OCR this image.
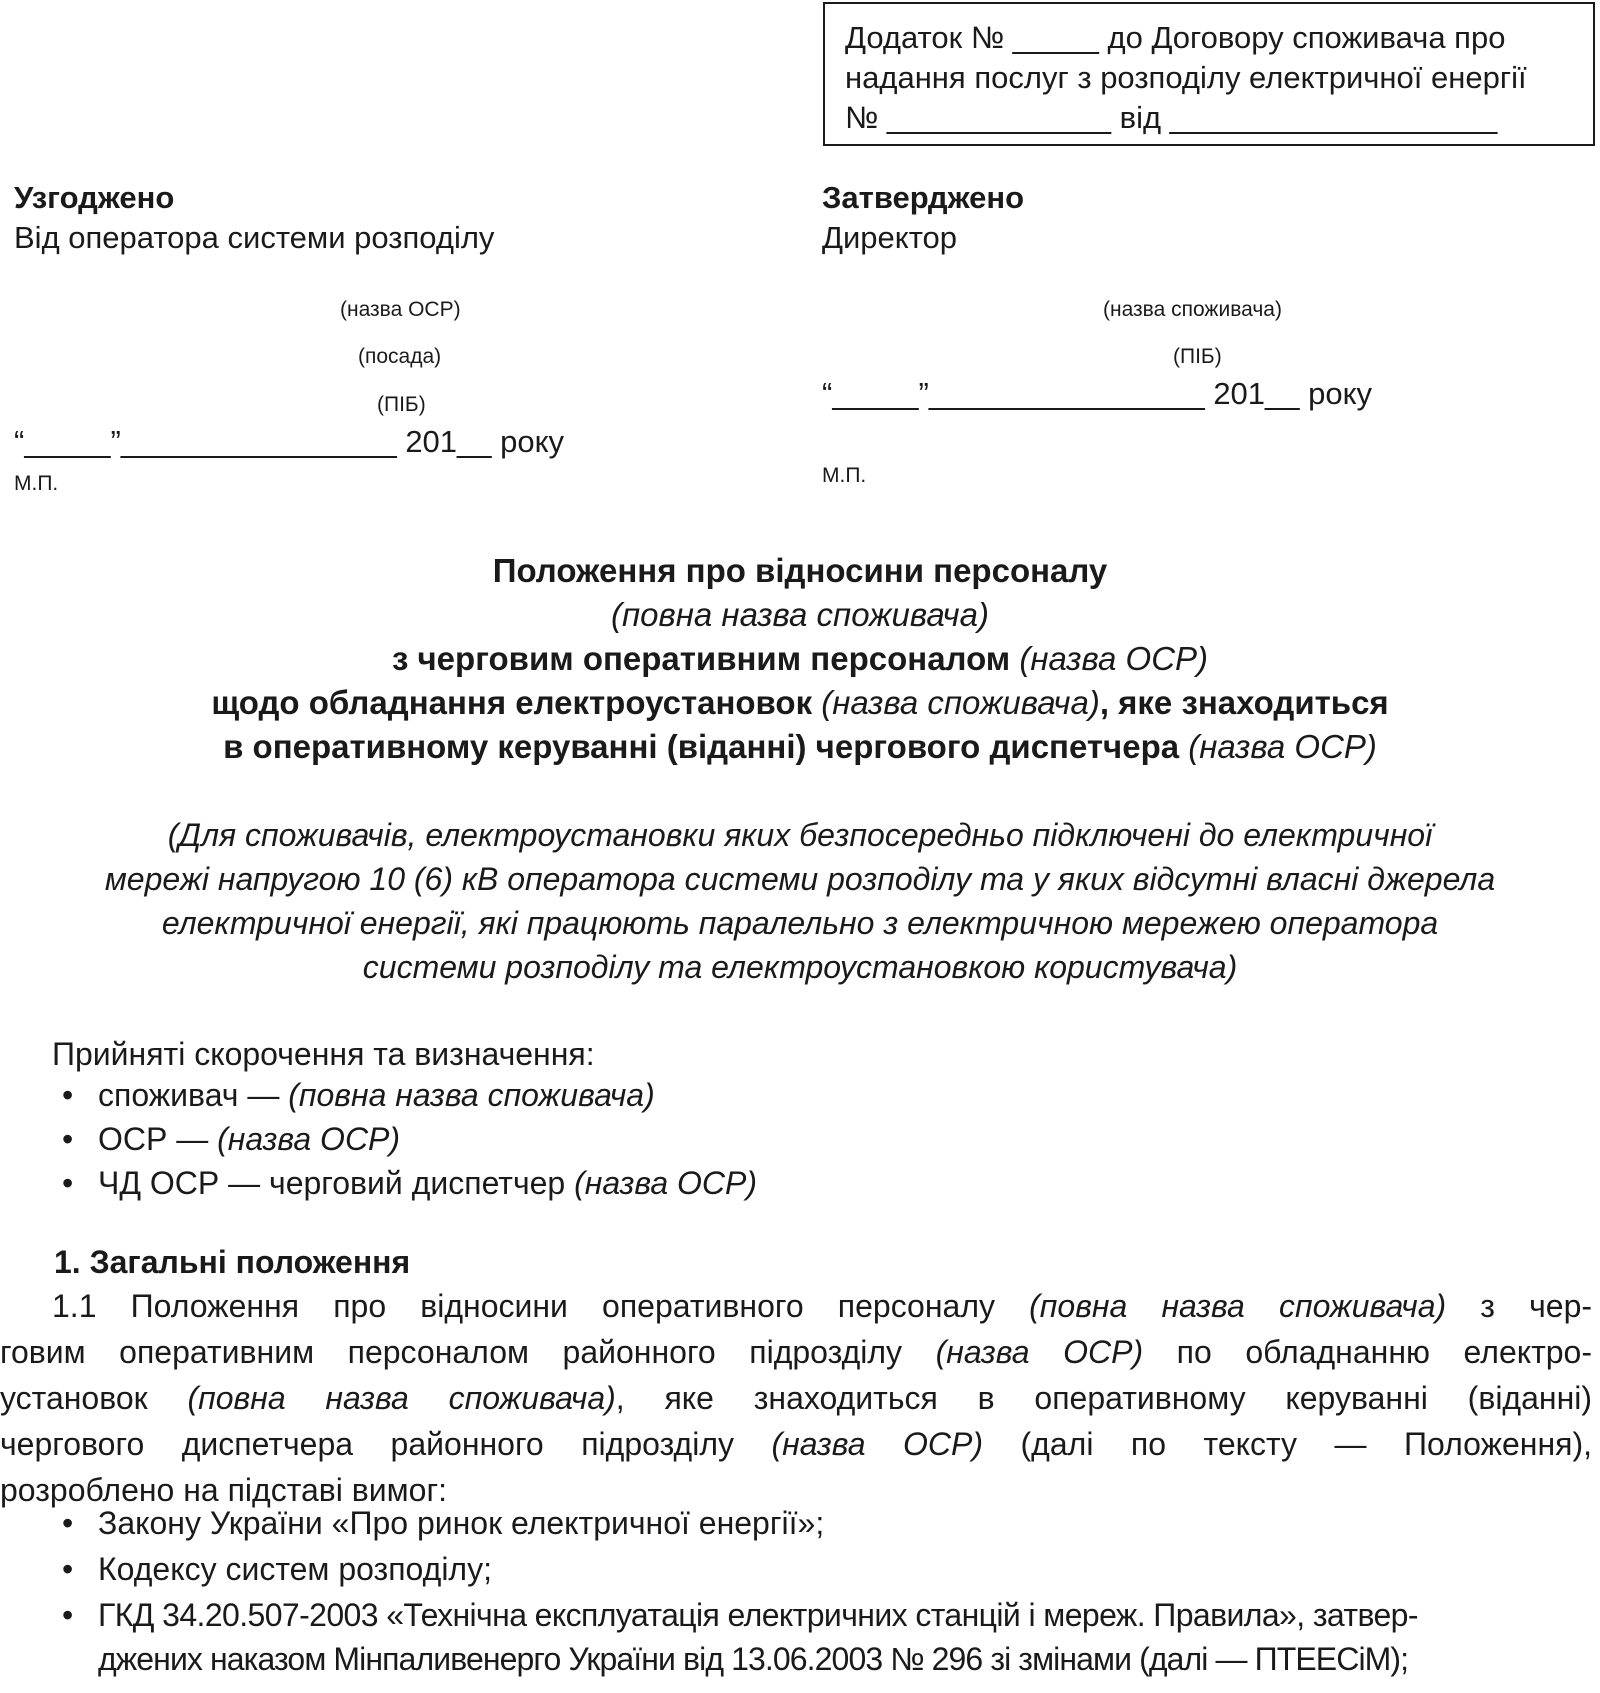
Додаток № _____ до Договору споживача про
надання послуг з розподілу електричної енергії
№ _____________ від ___________________
Узгоджено
Від оператора системи розподілу
(назва ОСР)
(посада)
(ПІБ)
“_____”________________ 201__ року
М.П.
Затверджено
Директор
(назва споживача)
(ПІБ)
“_____”________________ 201__ року
М.П.
Положення про відносини персоналу
(повна назва споживача)
з черговим оперативним персоналом (назва ОСР)
щодо обладнання електроустановок (назва споживача), яке знаходиться
в оперативному керуванні (віданні) чергового диспетчера (назва ОСР)
(Для споживачів, електроустановки яких безпосередньо підключені до електричної
мережі напругою 10 (6) кВ оператора системи розподілу та у яких відсутні власні джерела
електричної енергії, які працюють паралельно з електричною мережею оператора
системи розподілу та електроустановкою користувача)
Прийняті скорочення та визначення:
• споживач — (повна назва споживача)
• ОСР — (назва ОСР)
• ЧД ОСР — черговий диспетчер (назва ОСР)
1. Загальні положення
1.1 Положення про відносини оперативного персоналу (повна назва споживача) з чер-
говим оперативним персоналом районного підрозділу (назва ОСР) по обладнанню електро-
установок (повна назва споживача), яке знаходиться в оперативному керуванні (віданні)
чергового диспетчера районного підрозділу (назва ОСР) (далі по тексту — Положення),
розроблено на підставі вимог:
• Закону України «Про ринок електричної енергії»;
• Кодексу систем розподілу;
• ГКД 34.20.507-2003 «Технічна експлуатація електричних станцій і мереж. Правила», затвер-
джених наказом Мінпаливенерго України від 13.06.2003 № 296 зі змінами (далі — ПТЕЕСіМ);
